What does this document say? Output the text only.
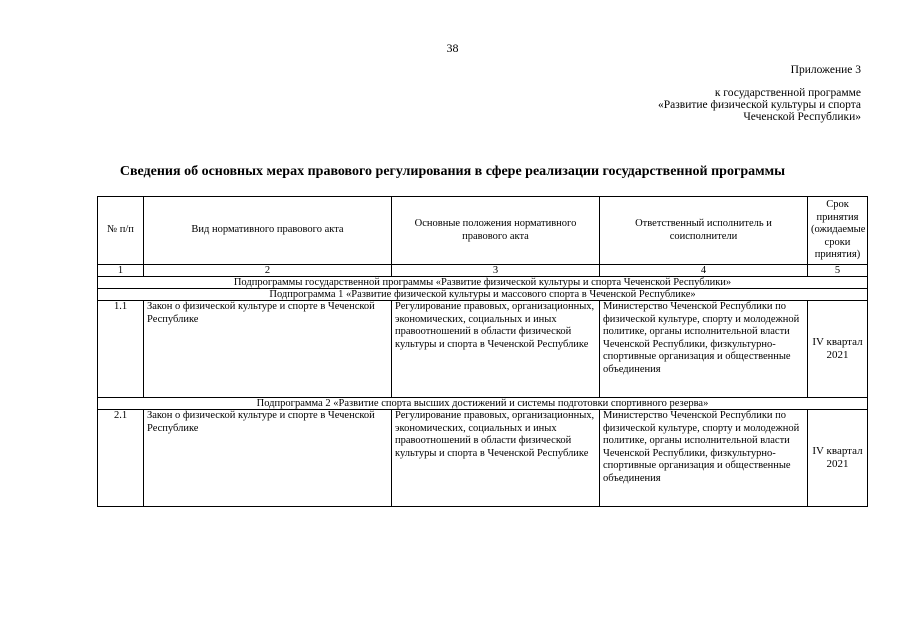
38
Приложение 3
к государственной программе
«Развитие физической культуры и спорта
Чеченской Республики»
Сведения об основных мерах правового регулирования в сфере реализации государственной программы
№ п/п	Вид нормативного правового акта	Основные положения нормативного правового акта	Ответственный исполнитель и соисполнители	Срок принятия (ожидаемые сроки принятия)
1	2	3	4	5
Подпрограммы государственной программы «Развитие физической культуры и спорта Чеченской Республики»				
Подпрограмма 1 «Развитие физической культуры и массового спорта в Чеченской Республике»				
1.1	Закон о физической культуре и спорте в Чеченской Республике	Регулирование правовых, организационных, экономических, социальных и иных правоотношений в области физической культуры и спорта в Чеченской Республике	Министерство Чеченской Республики по физической культуре, спорту и молодежной политике, органы исполнительной власти Чеченской Республики, физкультурно-спортивные организация и общественные объединения	IV квартал 2021
Подпрограмма 2 «Развитие спорта высших достижений и системы подготовки спортивного резерва»				
2.1	Закон о физической культуре и спорте в Чеченской Республике	Регулирование правовых, организационных, экономических, социальных и иных правоотношений в области физической культуры и спорта в Чеченской Республике	Министерство Чеченской Республики по физической культуре, спорту и молодежной политике, органы исполнительной власти Чеченской Республики, физкультурно-спортивные организация и общественные объединения	IV квартал 2021
